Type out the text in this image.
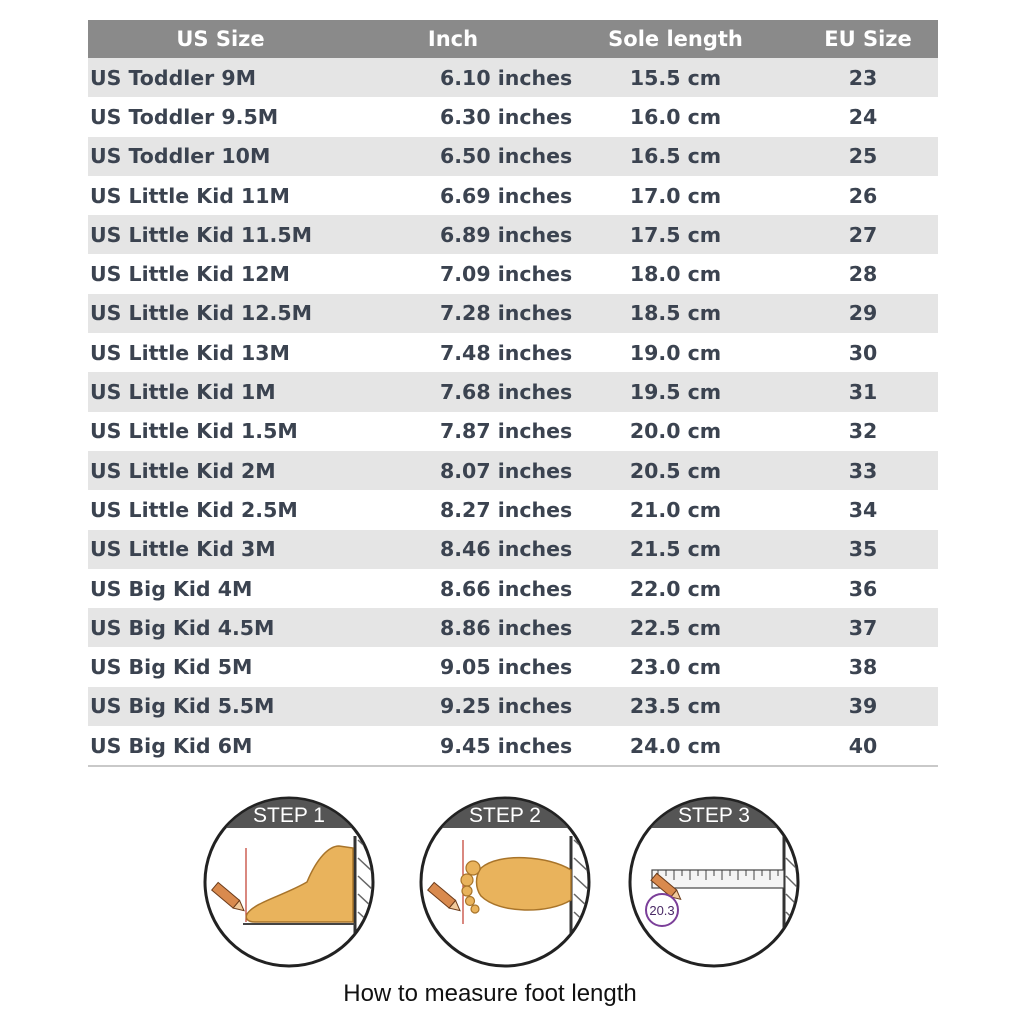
US Size	Inch	Sole length	EU Size
US Toddler 9M	6.10 inches	15.5 cm	23
US Toddler 9.5M	6.30 inches	16.0 cm	24
US Toddler 10M	6.50 inches	16.5 cm	25
US Little Kid 11M	6.69 inches	17.0 cm	26
US Little Kid 11.5M	6.89 inches	17.5 cm	27
US Little Kid 12M	7.09 inches	18.0 cm	28
US Little Kid 12.5M	7.28 inches	18.5 cm	29
US Little Kid 13M	7.48 inches	19.0 cm	30
US Little Kid 1M	7.68 inches	19.5 cm	31
US Little Kid 1.5M	7.87 inches	20.0 cm	32
US Little Kid 2M	8.07 inches	20.5 cm	33
US Little Kid 2.5M	8.27 inches	21.0 cm	34
US Little Kid 3M	8.46 inches	21.5 cm	35
US Big Kid 4M	8.66 inches	22.0 cm	36
US Big Kid 4.5M	8.86 inches	22.5 cm	37
US Big Kid 5M	9.05 inches	23.0 cm	38
US Big Kid 5.5M	9.25 inches	23.5 cm	39
US Big Kid 6M	9.45 inches	24.0 cm	40
STEP 1	STEP 2
20.3
STEP 3
How to measure foot length
